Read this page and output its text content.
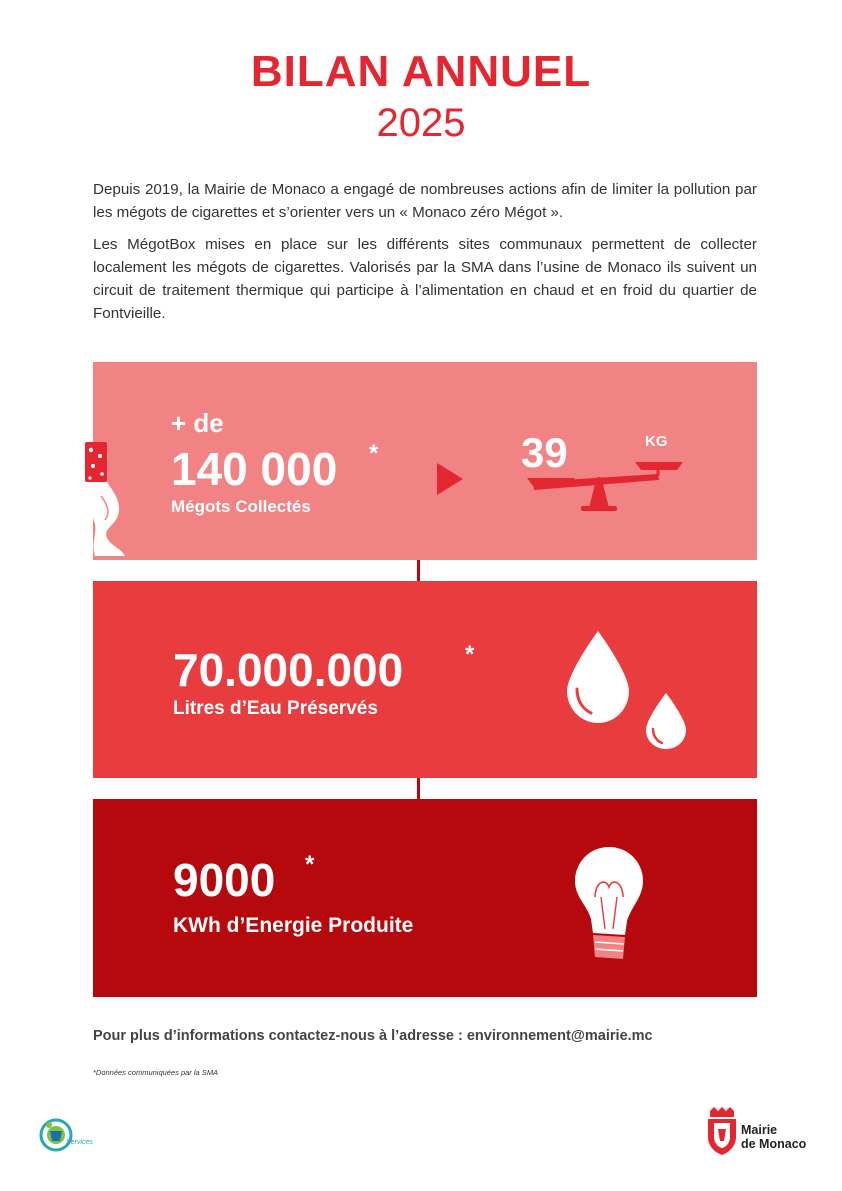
BILAN ANNUEL
2025

Depuis 2019, la Mairie de Monaco a engagé de nombreuses actions afin de limiter la pollution par les mégots de cigarettes et s’orienter vers un « Monaco zéro Mégot ».

Les MégotBox mises en place sur les différents sites communaux permettent de collecter localement les mégots de cigarettes. Valorisés par la SMA dans l’usine de Monaco ils suivent un circuit de traitement thermique qui participe à l’alimentation en chaud et en froid du quartier de Fontvieille.

+ de
140 000 *
Mégots Collectés
39	KG
70.000.000	*
Litres d’Eau Préservés
9000 *
KWh d’Energie Produite
Pour plus d’informations contactez-nous à l’adresse : environnement@mairie.mc
*Données communiquées par la SMA
Services
Mairie
de Monaco
